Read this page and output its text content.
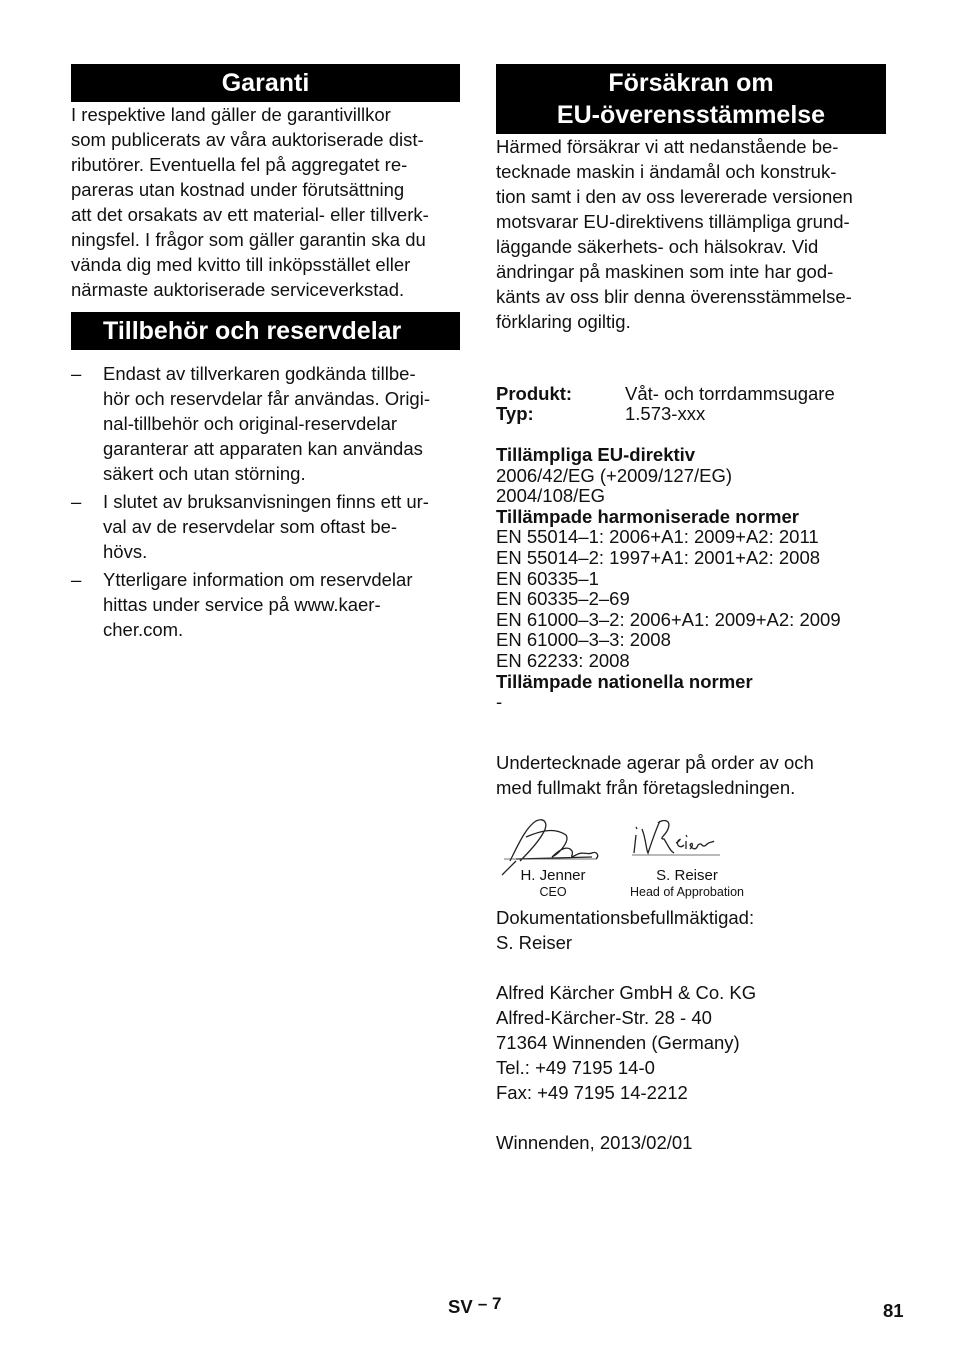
Garanti

I respektive land gäller de garantivillkor
som publicerats av våra auktoriserade dist-
ributörer. Eventuella fel på aggregatet re-
pareras utan kostnad under förutsättning
att det orsakats av ett material- eller tillverk-
ningsfel. I frågor som gäller garantin ska du
vända dig med kvitto till inköpsstället eller
närmaste auktoriserade serviceverkstad.

Tillbehör och reservdelar
–	Endast av tillverkaren godkända tillbe-
hör och reservdelar får användas. Origi-
nal-tillbehör och original-reservdelar
garanterar att apparaten kan användas
säkert och utan störning.
–	I slutet av bruksanvisningen finns ett ur-
val av de reservdelar som oftast be-
hövs.
–	Ytterligare information om reservdelar
hittas under service på www.kaer-
cher.com.
Försäkran om
EU-överensstämmelse

Härmed försäkrar vi att nedanstående be-
tecknade maskin i ändamål och konstruk-
tion samt i den av oss levererade versionen
motsvarar EU-direktivens tillämpliga grund-
läggande säkerhets- och hälsokrav. Vid
ändringar på maskinen som inte har god-
känts av oss blir denna överensstämmelse-
förklaring ogiltig.

Produkt:	Våt- och torrdammsugare
Typ:	1.573-xxx
Tillämpliga EU-direktiv
2006/42/EG (+2009/127/EG)
2004/108/EG
Tillämpade harmoniserade normer
EN 55014–1: 2006+A1: 2009+A2: 2011
EN 55014–2: 1997+A1: 2001+A2: 2008
EN 60335–1
EN 60335–2–69
EN 61000–3–2: 2006+A1: 2009+A2: 2009
EN 61000–3–3: 2008
EN 62233: 2008
Tillämpade nationella normer
-

Undertecknade agerar på order av och
med fullmakt från företagsledningen.

H. Jenner
CEO
S. Reiser
Head of Approbation
Dokumentationsbefullmäktigad:
S. Reiser
Alfred Kärcher GmbH & Co. KG
Alfred-Kärcher-Str. 28 - 40
71364 Winnenden (Germany)
Tel.: +49 7195 14-0
Fax: +49 7195 14-2212
Winnenden, 2013/02/01
SV – 7	81
